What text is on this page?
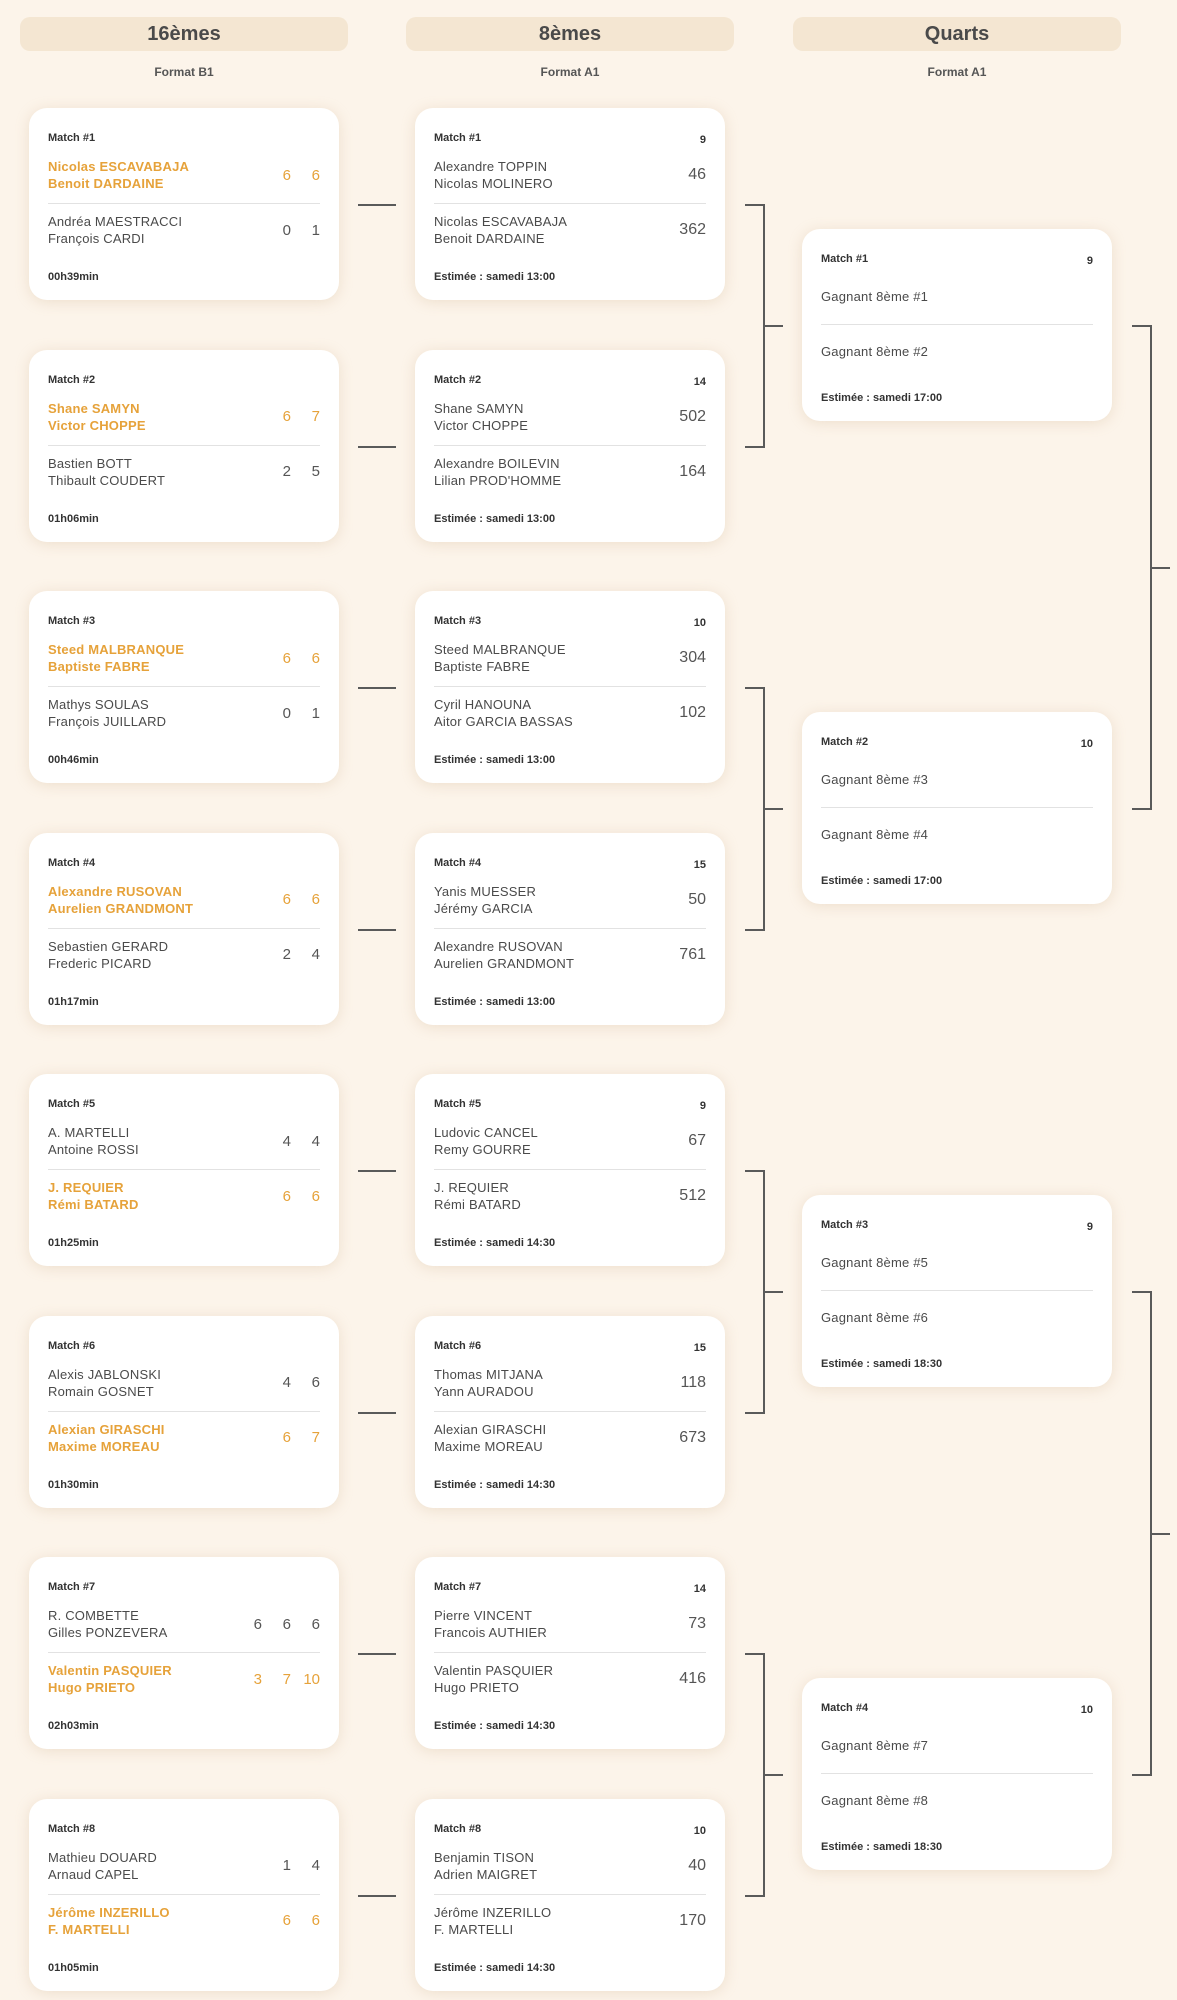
16èmes
Format B1
8èmes
Format A1
Quarts
Format A1
Match #1
Nicolas ESCAVABAJA
Benoit DARDAINE	6	6
Andréa MAESTRACCI
François CARDI	0	1
00h39min
Match #2
Shane SAMYN
Victor CHOPPE	6	7
Bastien BOTT
Thibault COUDERT	2	5
01h06min
Match #3
Steed MALBRANQUE
Baptiste FABRE	6	6
Mathys SOULAS
François JUILLARD	0	1
00h46min
Match #4
Alexandre RUSOVAN
Aurelien GRANDMONT	6	6
Sebastien GERARD
Frederic PICARD	2	4
01h17min
Match #5
A. MARTELLI
Antoine ROSSI	4	4
J. REQUIER
Rémi BATARD	6	6
01h25min
Match #6
Alexis JABLONSKI
Romain GOSNET	4	6
Alexian GIRASCHI
Maxime MOREAU	6	7
01h30min
Match #7
R. COMBETTE
Gilles PONZEVERA	6	6	6
Valentin PASQUIER
Hugo PRIETO	3	7 10
02h03min
Match #8
Mathieu DOUARD
Arnaud CAPEL	1	4
Jérôme INZERILLO
F. MARTELLI	6	6
01h05min
Match #1	9
Alexandre TOPPIN
Nicolas MOLINERO
46
Nicolas ESCAVABAJA
Benoit DARDAINE
362
Estimée : samedi 13:00
Match #2	14
Shane SAMYN
Victor CHOPPE
502
Alexandre BOILEVIN
Lilian PROD'HOMME
164
Estimée : samedi 13:00
Match #3	10
Steed MALBRANQUE
Baptiste FABRE
304
Cyril HANOUNA
Aitor GARCIA BASSAS
102
Estimée : samedi 13:00
Match #4	15
Yanis MUESSER
Jérémy GARCIA
50
Alexandre RUSOVAN
Aurelien GRANDMONT
761
Estimée : samedi 13:00
Match #5	9
Ludovic CANCEL
Remy GOURRE
67
J. REQUIER
Rémi BATARD
512
Estimée : samedi 14:30
Match #6	15
Thomas MITJANA
Yann AURADOU
118
Alexian GIRASCHI
Maxime MOREAU
673
Estimée : samedi 14:30
Match #7	14
Pierre VINCENT
Francois AUTHIER
73
Valentin PASQUIER
Hugo PRIETO
416
Estimée : samedi 14:30
Match #8	10
Benjamin TISON
Adrien MAIGRET
40
Jérôme INZERILLO
F. MARTELLI
170
Estimée : samedi 14:30
Match #1	9
Gagnant 8ème #1
Gagnant 8ème #2
Estimée : samedi 17:00
Match #2	10
Gagnant 8ème #3
Gagnant 8ème #4
Estimée : samedi 17:00
Match #3	9
Gagnant 8ème #5
Gagnant 8ème #6
Estimée : samedi 18:30
Match #4	10
Gagnant 8ème #7
Gagnant 8ème #8
Estimée : samedi 18:30
